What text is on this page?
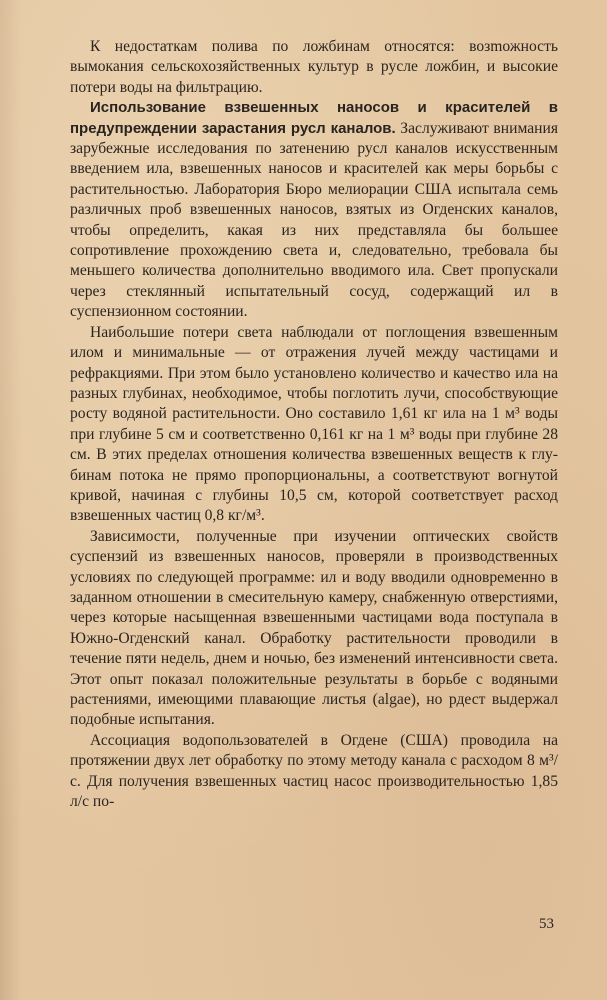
К недостаткам полива по ложбинам относятся: возmожность вымокания сельскохозяйственных культур в русле ложбин, и высокие потери воды на фильтрацию.

Использование взвешенных наносов и красителей в предупреждении зарастания русл каналов. Заслуживают внимания зарубежные исследования по затенению русл каналов искусственным введением ила, взвешенных наносов и красителей как меры борьбы с растительностью. Лаборатория Бюро мелиорации США испытала семь различных проб взвешенных наносов, взятых из Огденских каналов, чтобы определить, какая из них представляла бы большее сопротивление прохождению света и, следовательно, требовала бы меньшего количества дополнительно вводимого ила. Свет пропускали через стеклянный испытательный сосуд, содержащий ил в суспензионном состоянии.

Наибольшие потери света наблюдали от поглощения взвешенным илом и минимальные — от отражения лучей между частицами и рефракциями. При этом было установлено количество и качество ила на разных глубинах, необходимое, чтобы поглотить лучи, способствующие росту водяной растительности. Оно составило 1,61 кг ила на 1 м³ воды при глубине 5 см и соответственно 0,161 кг на 1 м³ воды при глубине 28 см. В этих пределах отношения количества взвешенных веществ к глубинам потока не прямо пропорциональны, а соответствуют вогнутой кривой, начиная с глубины 10,5 см, которой соответствует расход взвешенных частиц 0,8 кг/м³.

Зависимости, полученные при изучении оптических свойств суспензий из взвешенных наносов, проверяли в производственных условиях по следующей программе: ил и воду вводили одновременно в заданном отношении в смесительную камеру, снабженную отверстиями, через которые насыщенная взвешенными частицами вода поступала в Южно-Огденский канал. Обработку растительности проводили в течение пяти недель, днем и ночью, без изменений интенсивности света. Этот опыт показал положительные результаты в борьбе с водяными растениями, имеющими плавающие листья (algae), но рдест выдержал подобные испытания.

Ассоциация водопользователей в Огдене (США) проводила на протяжении двух лет обработку по этому методу канала с расходом 8 м³/с. Для получения взвешенных частиц насос производительностью 1,85 л/с по-

53
